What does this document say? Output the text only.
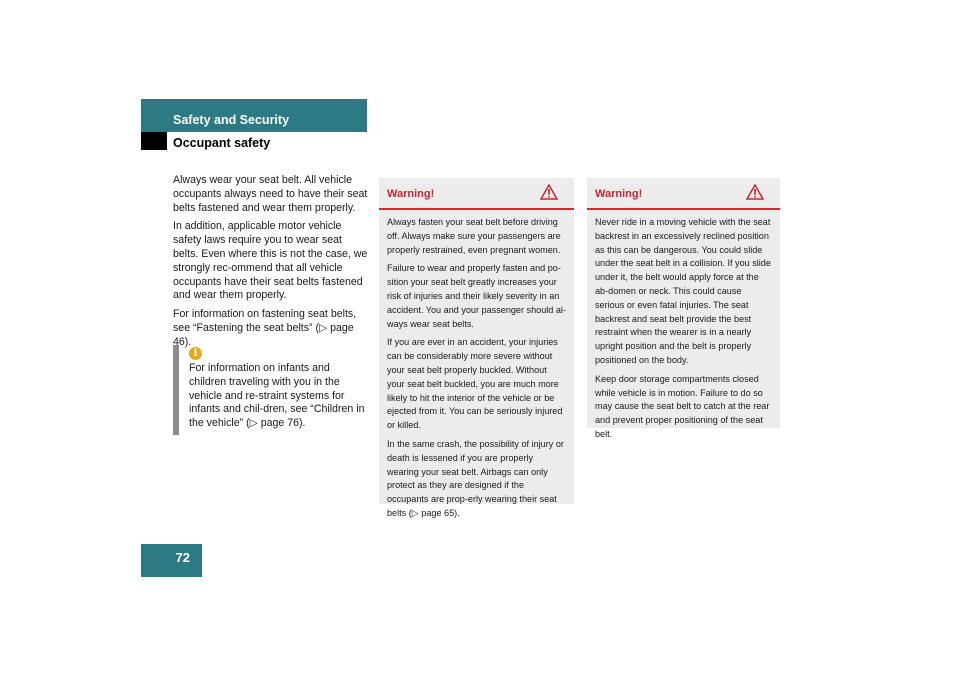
Safety and Security
Occupant safety

Always wear your seat belt. All vehicle occupants always need to have their seat belts fastened and wear them properly.

In addition, applicable motor vehicle safety laws require you to wear seat belts. Even where this is not the case, we strongly rec-ommend that all vehicle occupants have their seat belts fastened and wear them properly.

For information on fastening seat belts, see “Fastening the seat belts” (▷ page 46).

i
For information on infants and children traveling with you in the vehicle and re-straint systems for infants and chil-dren, see “Children in the vehicle” (▷ page 76).
Warning!

Always fasten your seat belt before driving off. Always make sure your passengers are properly restrained, even pregnant women.

Failure to wear and properly fasten and po-sition your seat belt greatly increases your risk of injuries and their likely severity in an accident. You and your passenger should al-ways wear seat belts.

If you are ever in an accident, your injuries can be considerably more severe without your seat belt properly buckled. Without your seat belt buckled, you are much more likely to hit the interior of the vehicle or be ejected from it. You can be seriously injured or killed.

In the same crash, the possibility of injury or death is lessened if you are properly wearing your seat belt. Airbags can only protect as they are designed if the occupants are prop-erly wearing their seat belts (▷ page 65).

Warning!

Never ride in a moving vehicle with the seat backrest in an excessively reclined position as this can be dangerous. You could slide under the seat belt in a collision. If you slide under it, the belt would apply force at the ab-domen or neck. This could cause serious or even fatal injuries. The seat backrest and seat belt provide the best restraint when the wearer is in a nearly upright position and the belt is properly positioned on the body.

Keep door storage compartments closed while vehicle is in motion. Failure to do so may cause the seat belt to catch at the rear and prevent proper positioning of the seat belt.

72
